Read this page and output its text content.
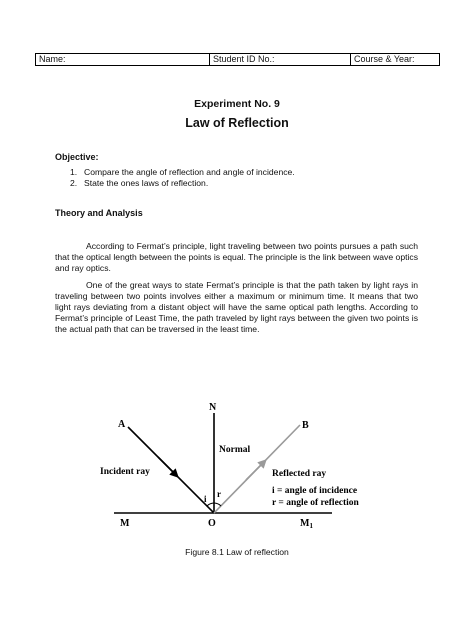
Name:	Student ID No.:	Course & Year:
Experiment No. 9
Law of Reflection
Objective:
1. Compare the angle of reflection and angle of incidence.
2. State the ones laws of reflection.
Theory and Analysis

According to Fermat’s principle, light traveling between two points pursues a path such that the optical length between the points is equal. The principle is the link between wave optics and ray optics.

One of the great ways to state Fermat’s principle is that the path taken by light rays in traveling between two points involves either a maximum or minimum time. It means that two light rays deviating from a distant object will have the same optical path lengths. According to Fermat’s principle of Least Time, the path traveled by light rays between the given two points is the actual path that can be traversed in the least time.

A	B
N
O
M	$M_1$
i r
Normal
Incident ray	Reflected ray
i = angle of incidence
r = angle of reflection
Figure 8.1 Law of reflection
